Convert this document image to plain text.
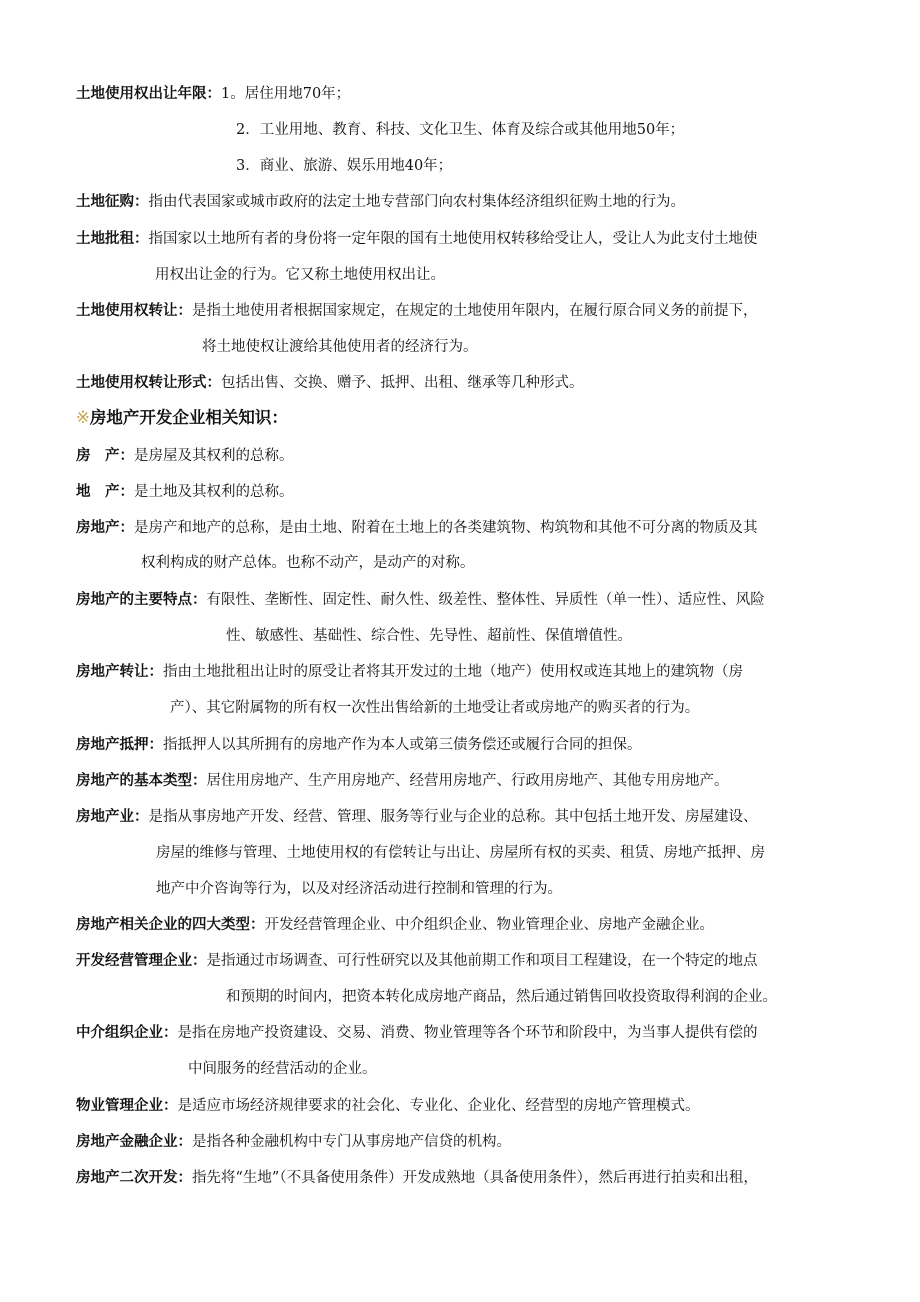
土地使用权出让年限：1。居住用地70年；
2．工业用地、教育、科技、文化卫生、体育及综合或其他用地50年；
3．商业、旅游、娱乐用地40年；
土地征购：指由代表国家或城市政府的法定土地专营部门向农村集体经济组织征购土地的行为。
土地批租：指国家以土地所有者的身份将一定年限的国有土地使用权转移给受让人，受让人为此支付土地使
用权出让金的行为。它又称土地使用权出让。
土地使用权转让：是指土地使用者根据国家规定，在规定的土地使用年限内，在履行原合同义务的前提下，
将土地使权让渡给其他使用者的经济行为。
土地使用权转让形式：包括出售、交换、赠予、抵押、出租、继承等几种形式。
※房地产开发企业相关知识：
房　产：是房屋及其权利的总称。
地　产：是土地及其权利的总称。
房地产：是房产和地产的总称，是由土地、附着在土地上的各类建筑物、构筑物和其他不可分离的物质及其
权利构成的财产总体。也称不动产，是动产的对称。
房地产的主要特点：有限性、垄断性、固定性、耐久性、级差性、整体性、异质性（单一性）、适应性、风险
性、敏感性、基础性、综合性、先导性、超前性、保值增值性。
房地产转让：指由土地批租出让时的原受让者将其开发过的土地（地产）使用权或连其地上的建筑物（房
产）、其它附属物的所有权一次性出售给新的土地受让者或房地产的购买者的行为。
房地产抵押：指抵押人以其所拥有的房地产作为本人或第三债务偿还或履行合同的担保。
房地产的基本类型：居住用房地产、生产用房地产、经营用房地产、行政用房地产、其他专用房地产。
房地产业：是指从事房地产开发、经营、管理、服务等行业与企业的总称。其中包括土地开发、房屋建设、
房屋的维修与管理、土地使用权的有偿转让与出让、房屋所有权的买卖、租赁、房地产抵押、房
地产中介咨询等行为，以及对经济活动进行控制和管理的行为。
房地产相关企业的四大类型：开发经营管理企业、中介组织企业、物业管理企业、房地产金融企业。
开发经营管理企业：是指通过市场调查、可行性研究以及其他前期工作和项目工程建设，在一个特定的地点
和预期的时间内，把资本转化成房地产商品，然后通过销售回收投资取得利润的企业。
中介组织企业：是指在房地产投资建设、交易、消费、物业管理等各个环节和阶段中，为当事人提供有偿的
中间服务的经营活动的企业。
物业管理企业：是适应市场经济规律要求的社会化、专业化、企业化、经营型的房地产管理模式。
房地产金融企业：是指各种金融机构中专门从事房地产信贷的机构。
房地产二次开发：指先将“生地”（不具备使用条件）开发成熟地（具备使用条件），然后再进行拍卖和出租，
